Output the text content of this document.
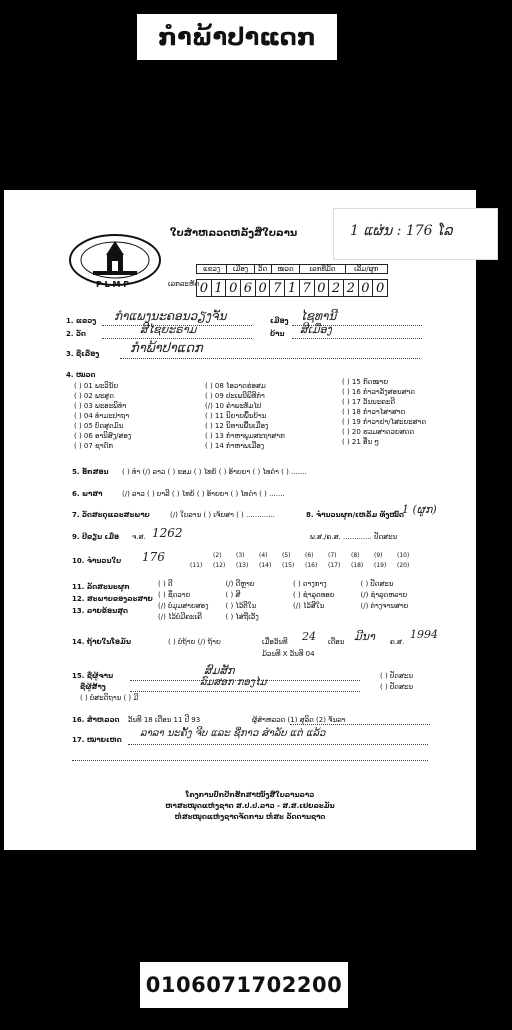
ກຳພ້າປາແດກ
1 ແຜ່ນ : 176 ໂລ
P L M P
ໃບສຳຫລວດຫລັງສືໃບລານ
ເລກລະຫັດ
ແຂວງ	ເມືອງ	ວັດ	ໝວດ	ເລກທີ່ມັດ	ເລີ້ມ/ຜູກ
0	1	0	6	0	7	1	7	0	2	2	0	0
1. ແຂວງ ກຳແພງນະຄອນວຽງຈັນ	ເມືອງ ໄຊທານີ
2. ວັດ	ສີໄຊຍະຣາມ	ບ້ານ ສີເມືອງ
3. ຊື່ເລື່ອງ ກຳພ້າປາແດກ
4. ໝວດ
( ) 01 ພະວິນັຍ
( ) 02 ພະສູດ
( ) 03 ພະອະພິທຳ
( ) 04 ທຳມະປາຖາ
( ) 05 ບົດສູດມົນ
( ) 06 ອານິສົງ/ສອງ
( ) 07 ຊາດົກ
( ) 08 ໄອວາດຮ່ອສມ
( ) 09 ປະເພນີພິທີກຳ
(/) 10 ຄຳພະທັມໄປ
( ) 11 ນິຍາຍພຶ້ນບ້ານ
( ) 12 ນິທານພື້ນເມືອງ
( ) 13 ກຳຫາພູມສະຖາສາກ
( ) 14 ກຳຫາພເມືອງ
( ) 15 ກົດໝາຍ
( ) 16 ກຳວາລັງສອນສາດ
( ) 17 ວັນນະຄະດີ
( ) 18 ກຳວາໄສາສາດ
( ) 19 ກຳວາຢາ/ໄສະຍະສາດ
( ) 20 ຮວມສາດວຍສດດ
( ) 21 ອື່ນ ໆ
5. ອັກສອນ ( ) ທຳ (/) ລາວ ( ) ຂອມ ( ) ໄທຍ້ ( ) ອ້າຍຍາ ( ) ໄທດຳ ( ) .......
6. ພາສາ	(/) ລາວ ( ) ບາລີ ( ) ໄທຍ້ ( ) ອ້າຍຍາ ( ) ໄທດຳ ( ) .......
7. ວັດສະດຸແລະສະພາບ	(/) ໃບລານ ( ) ເຈ້ຍສາ ( ) .............	8. ຈຳນວນຜູກ/ເຫລັ້ມ ທັງໝົດ
1 (ຜູກ)
9. ປີຂຽນ ເມື່ອ ຈ.ສ. 1262	ພ.ສ./ຄ.ສ. ............. ປັດສະນ
10. ຈຳນວນໃບ 176	(2)	(3)	(4)	(5)	(6)	(7)	(8)	(9)	(10)
(11)	(12)	(13)	(14)	(15)	(16)	(17)	(18)	(19)	(20)
11. ລັດສະນະຜູກ
12. ສະພາບຂອງລະສາຍ
13. ລາຍຂ້ອນສຸດ
( ) ດີ	(/) ດີຫຼາຍ	( ) ດາງກາງ	( ) ປັດສະນ
( ) ຊຶດວາຍ	( ) ສີ	( ) ຊຳລຸດທອຍ	(/) ຊຳລຸດຫລາຍ
(/) ບໍ່ມຸມສາຍສອງ	( ) ໄວ້ຕີໃນ	(/) ໄວ້ສີໃນ	(/) ຕ່າງຈານສາຍ
(/) ໄວ້ບໍ່ມີຄະເຄີ	( ) ໄສ່ຖືເວັ້ງ
14. ຖ້າຍໃນໂອມັນ	( ) ບໍ່ຖ້າຍ (/) ຖ້າຍ	ເມື່ອວັນທີ 24 ເດືອນ ມີນາ ຄ.ສ.
1994
ມ້ວນທີ X ວັນທີ 04
15. ຊື່ຜູ້ຈານ	ສົມສັກ	( ) ປັດສະນ
ຊື່ຜູ້ສ້າງ	ລົມສອກ ກອງໄມ	( ) ປັດສະນ
( ) ບໍ່ສະດິຖານ ( ) ມີ
16. ສຳຫລວດ ວັນທີ 18 ເດືອນ 11 ປີ 93	ຜູ້ສຳຫລວດ (1) ສຸລິດ (2) ຈັນລາ
17. ໝາຍເຫດ
ລາລາ ນະຄັ້ງ ຈີບ ແລະ ຊີ່ກາວ ສຳລັບ ແຕ່ ແລ້ວ
ໂຄງການປົກປັກຮັກສາໜັງສືໃບລານລາວ
ຫາສະໝຸດແຫ່ງຊາດ ສ.ປ.ປ.ລາວ - ສ.ສ.ເຢຍລະມັນ
ຫໍສະໝຸດແຫ່ງຊາດຈັດການ ຫໍສະ ລັດດານຊາດ
0106071702200
